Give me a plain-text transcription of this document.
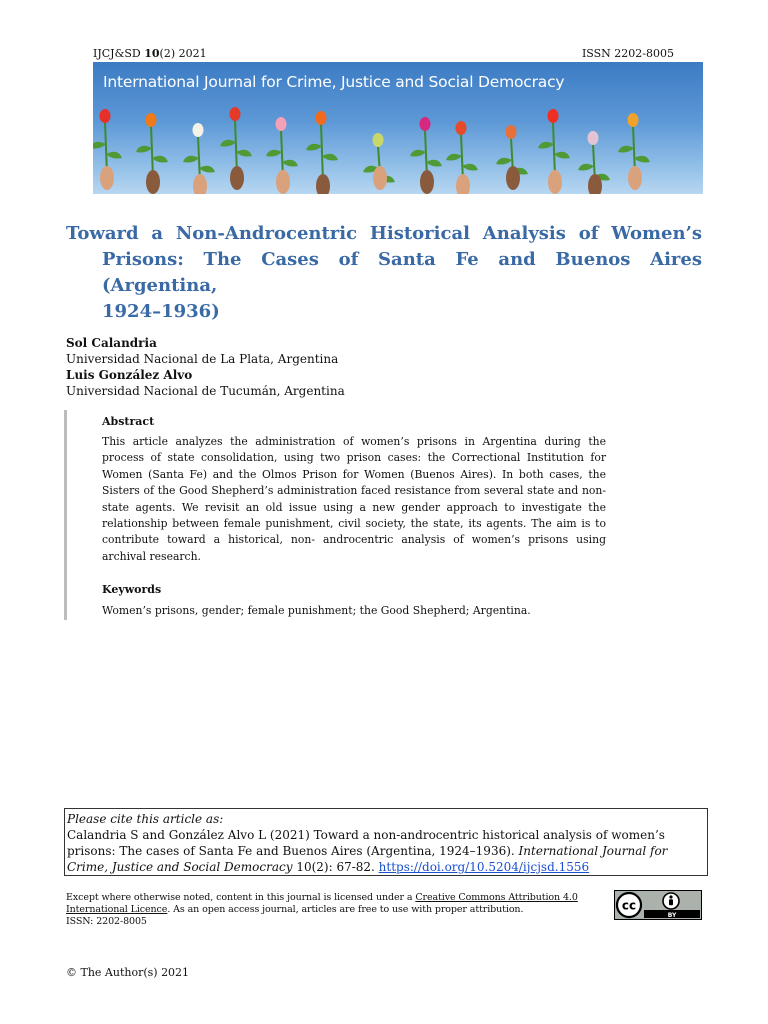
IJCJ&SD 10(2) 2021	ISSN 2202-8005
International Journal for Crime, Justice and Social Democracy
Toward a Non-Androcentric Historical Analysis of Women’s
Prisons: The Cases of Santa Fe and Buenos Aires (Argentina,
1924–1936)
Sol Calandria
Universidad Nacional de La Plata, Argentina
Luis González Alvo
Universidad Nacional de Tucumán, Argentina
Abstract
This article analyzes the administration of women’s prisons in Argentina during the process of state consolidation, using two prison cases: the Correctional Institution for Women (Santa Fe) and the Olmos Prison for Women (Buenos Aires). In both cases, the Sisters of the Good Shepherd’s administration faced resistance from several state and non-state agents. We revisit an old issue using a new gender approach to investigate the relationship between female punishment, civil society, the state, its agents. The aim is to contribute toward a historical, non- androcentric analysis of women’s prisons using archival research.
Keywords
Women’s prisons, gender; female punishment; the Good Shepherd; Argentina.
Please cite this article as:
Calandria S and González Alvo L (2021) Toward a non-androcentric historical analysis of women’s prisons: The cases of Santa Fe and Buenos Aires (Argentina, 1924–1936). International Journal for Crime, Justice and Social Democracy 10(2): 67-82. https://doi.org/10.5204/ijcjsd.1556
Except where otherwise noted, content in this journal is licensed under a Creative Commons Attribution 4.0 International Licence. As an open access journal, articles are free to use with proper attribution.
ISSN: 2202-8005
cc
BY
© The Author(s) 2021
